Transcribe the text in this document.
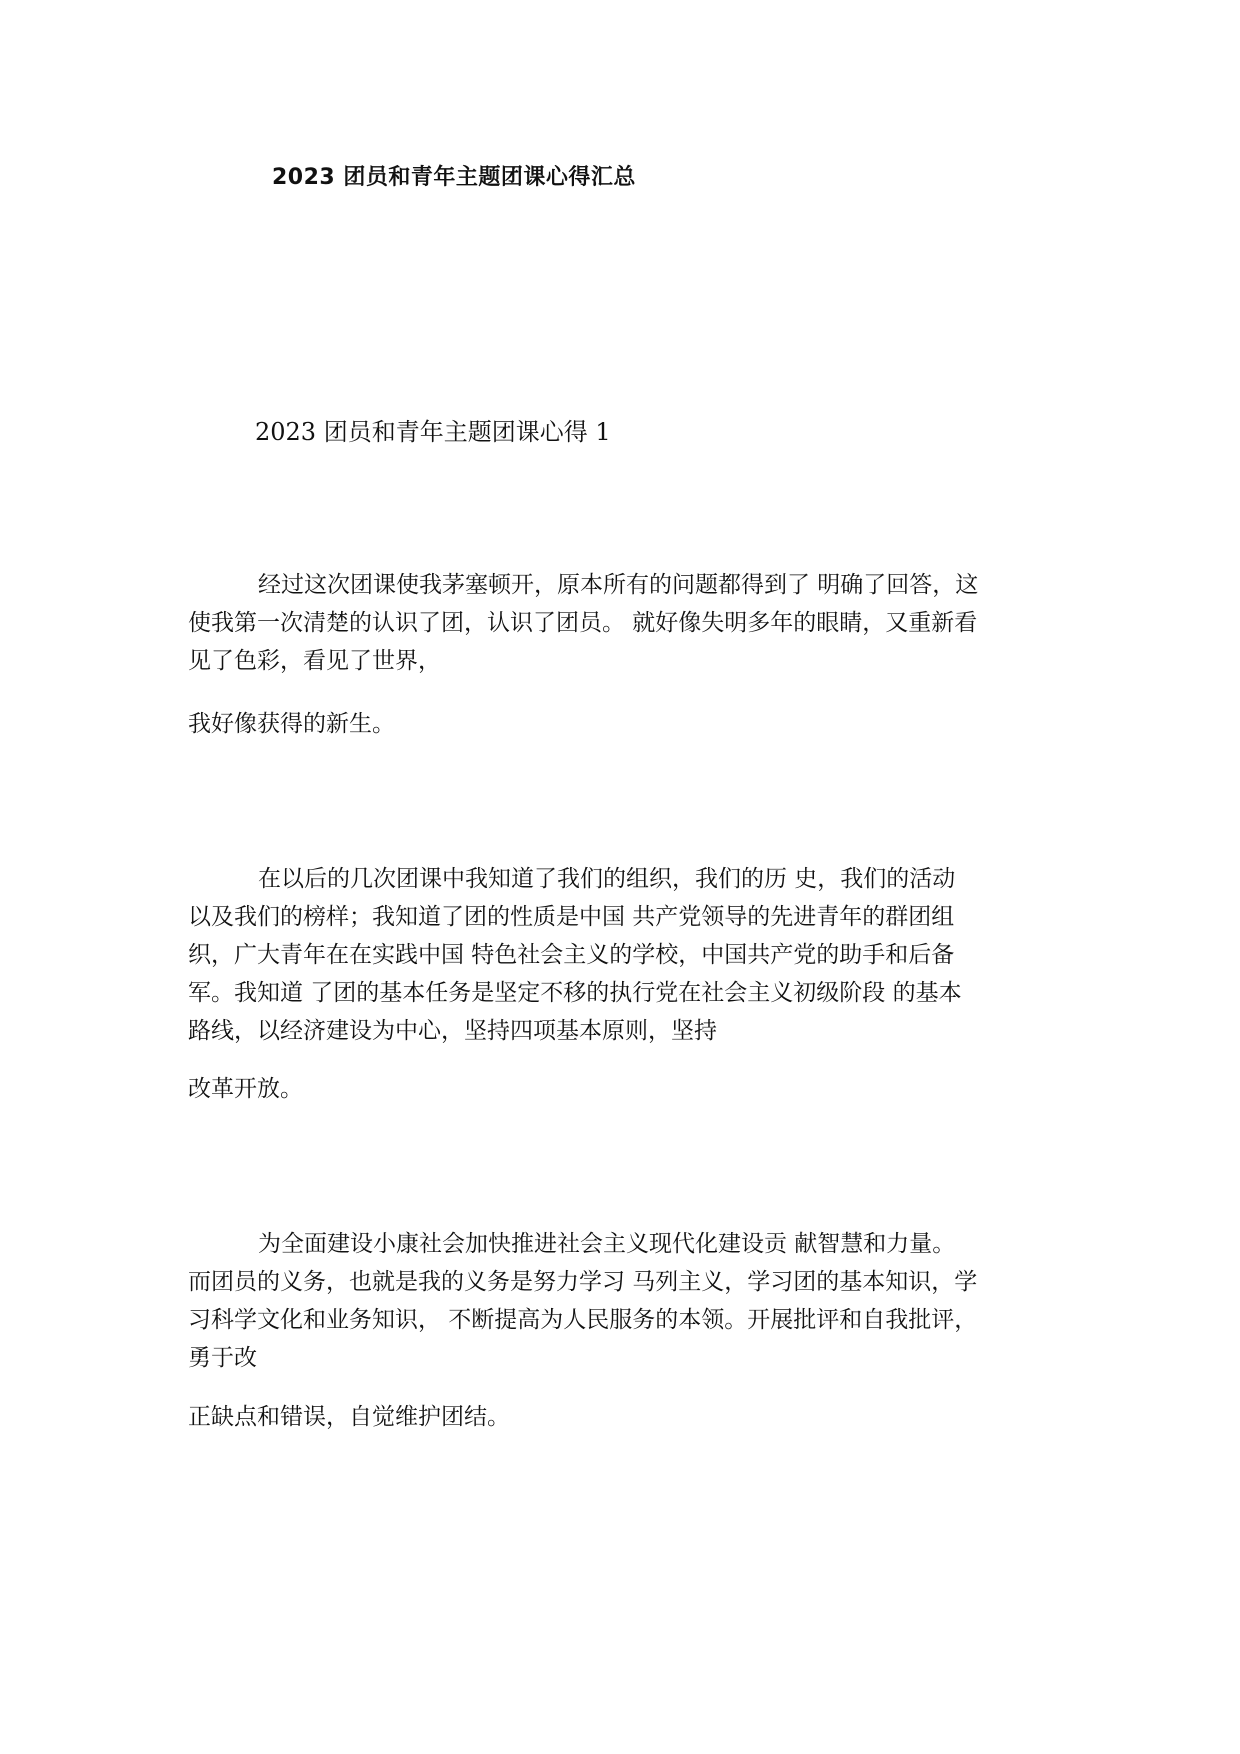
2023 团员和青年主题团课心得汇总
2023 团员和青年主题团课心得 1
经过这次团课使我茅塞顿开，原本所有的问题都得到了 明确了回答，这
使我第一次清楚的认识了团，认识了团员。 就好像失明多年的眼睛，又重新看
见了色彩，看见了世界，
我好像获得的新生。
在以后的几次团课中我知道了我们的组织，我们的历 史，我们的活动
以及我们的榜样；我知道了团的性质是中国 共产党领导的先进青年的群团组
织，广大青年在在实践中国 特色社会主义的学校，中国共产党的助手和后备
军。我知道 了团的基本任务是坚定不移的执行党在社会主义初级阶段 的基本
路线，以经济建设为中心，坚持四项基本原则，坚持
改革开放。
为全面建设小康社会加快推进社会主义现代化建设贡 献智慧和力量。
而团员的义务，也就是我的义务是努力学习 马列主义，学习团的基本知识，学
习科学文化和业务知识， 不断提高为人民服务的本领。开展批评和自我批评，
勇于改
正缺点和错误，自觉维护团结。
